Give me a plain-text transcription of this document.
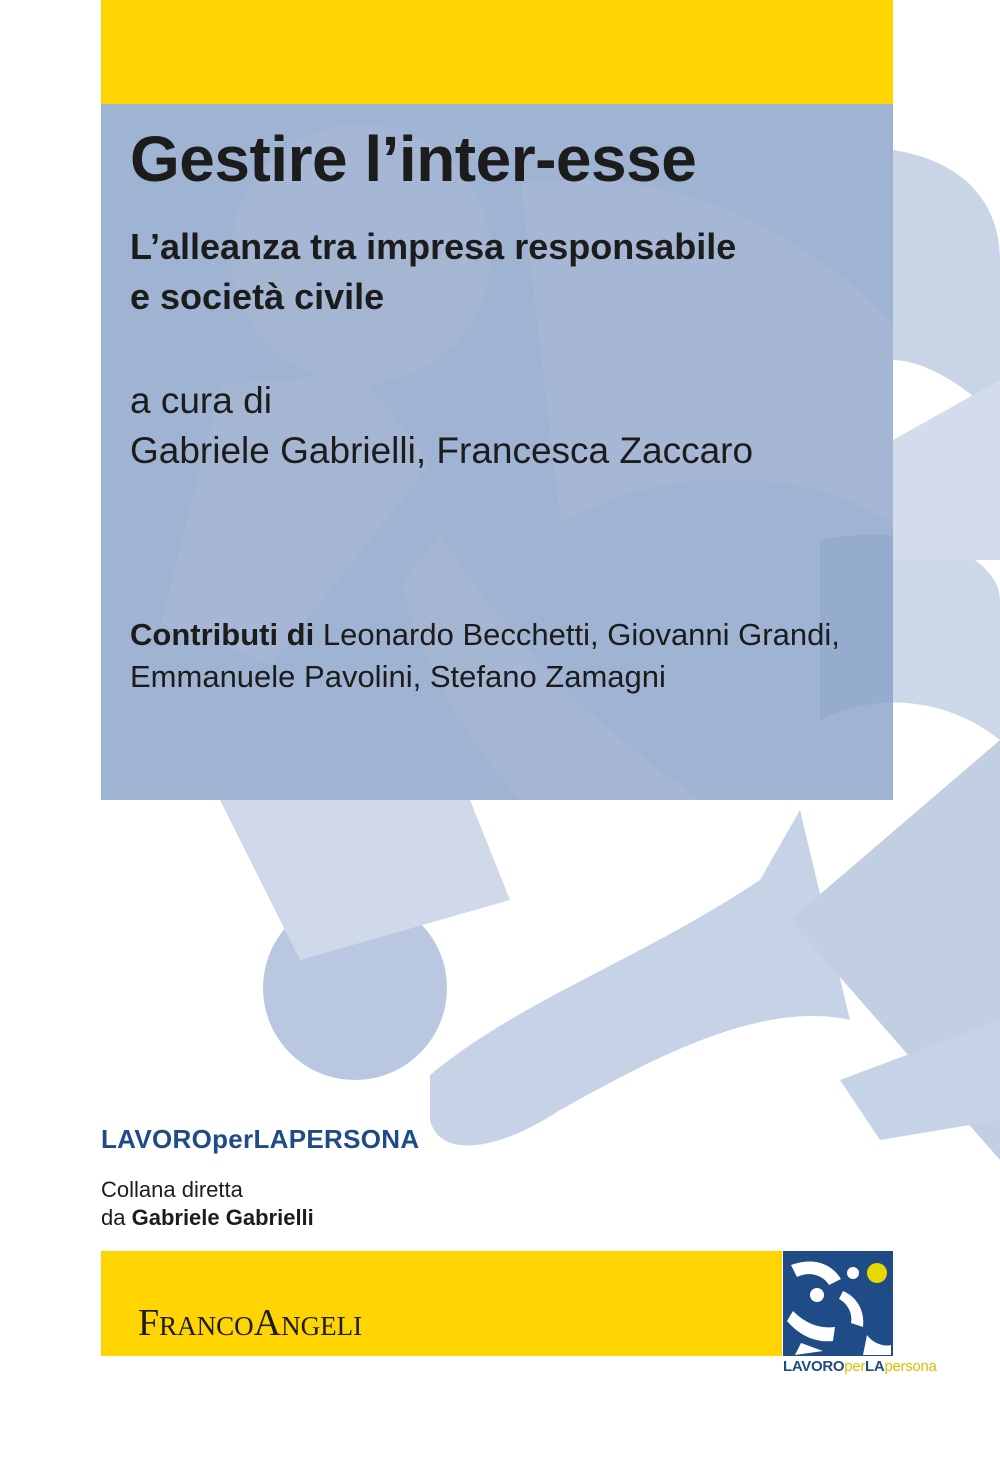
Gestire l’inter-esse
L’alleanza tra impresa responsabile
e società civile
a cura di
Gabriele Gabrielli, Francesca Zaccaro
Contributi di Leonardo Becchetti, Giovanni Grandi,
Emmanuele Pavolini, Stefano Zamagni
LAVOROperLAPERSONA
Collana diretta
da Gabriele Gabrielli
FRANCOANGELI
LAVOROperLApersona
